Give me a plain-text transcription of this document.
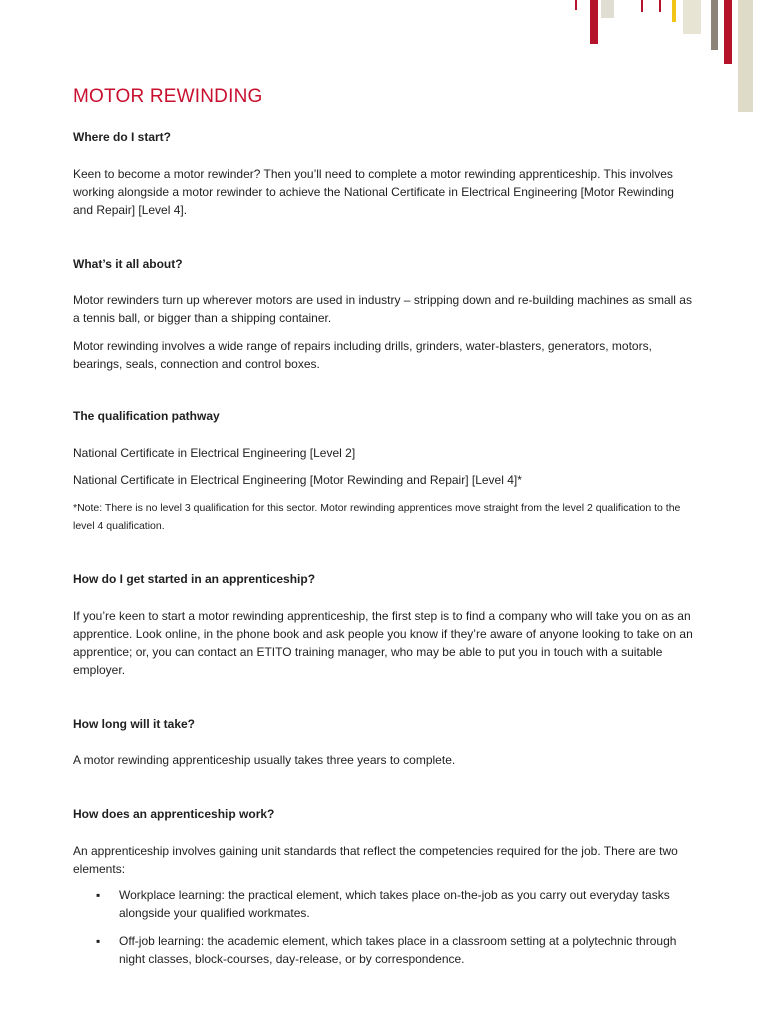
MOTOR REWINDING
Where do I start?
Keen to become a motor rewinder? Then you’ll need to complete a motor rewinding apprenticeship. This involves working alongside a motor rewinder to achieve the National Certificate in Electrical Engineering [Motor Rewinding and Repair] [Level 4].
What’s it all about?
Motor rewinders turn up wherever motors are used in industry – stripping down and re-building machines as small as a tennis ball, or bigger than a shipping container.
Motor rewinding involves a wide range of repairs including drills, grinders, water-blasters, generators, motors, bearings, seals, connection and control boxes.
The qualification pathway
National Certificate in Electrical Engineering [Level 2]
National Certificate in Electrical Engineering [Motor Rewinding and Repair] [Level 4]*
*Note: There is no level 3 qualification for this sector. Motor rewinding apprentices move straight from the level 2 qualification to the level 4 qualification.
How do I get started in an apprenticeship?
If you’re keen to start a motor rewinding apprenticeship, the first step is to find a company who will take you on as an apprentice. Look online, in the phone book and ask people you know if they’re aware of anyone looking to take on an apprentice; or, you can contact an ETITO training manager, who may be able to put you in touch with a suitable employer.
How long will it take?
A motor rewinding apprenticeship usually takes three years to complete.
How does an apprenticeship work?
An apprenticeship involves gaining unit standards that reflect the competencies required for the job. There are two elements:
▪ Workplace learning: the practical element, which takes place on-the-job as you carry out everyday tasks alongside your qualified workmates.
▪ Off-job learning: the academic element, which takes place in a classroom setting at a polytechnic through night classes, block-courses, day-release, or by correspondence.
